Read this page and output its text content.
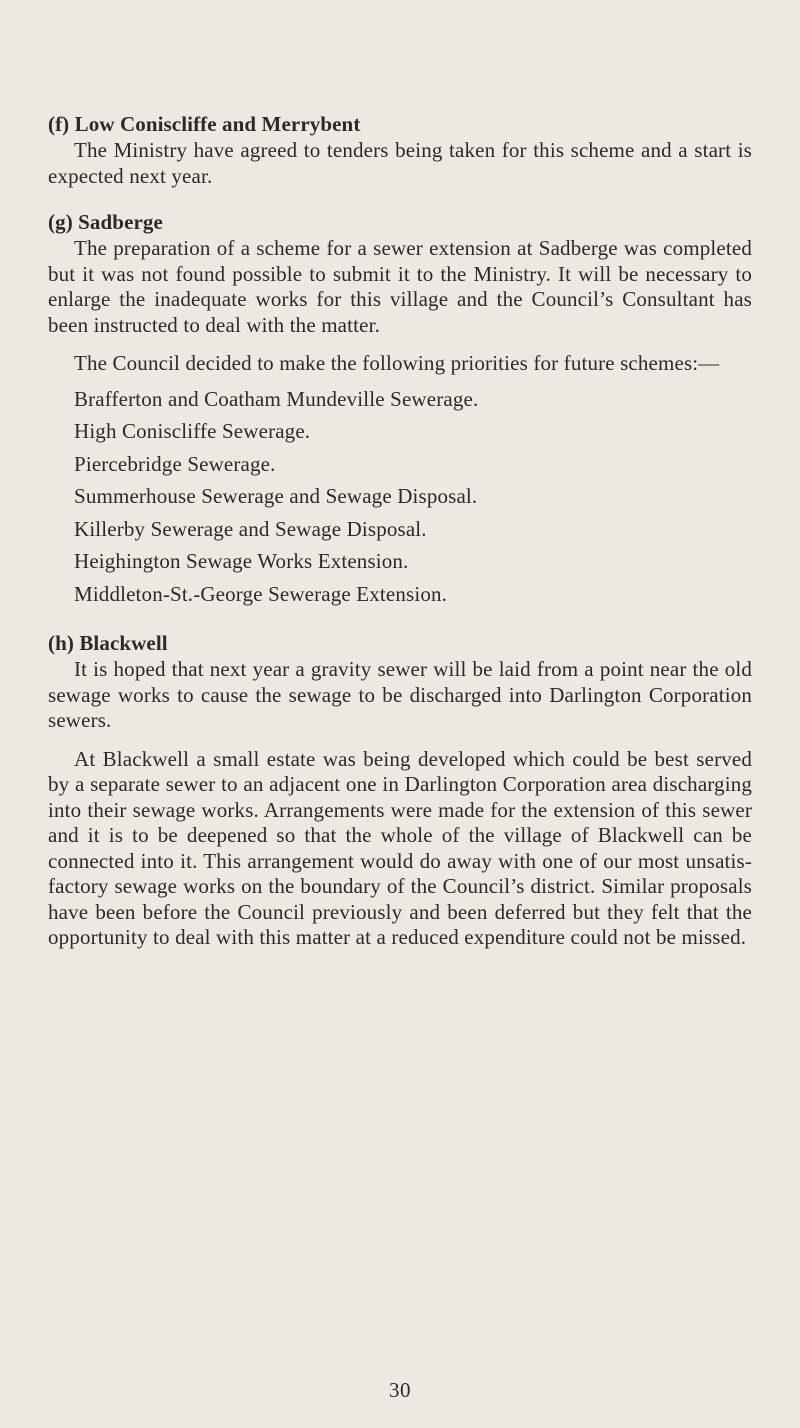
(f) Low Coniscliffe and Merrybent

The Ministry have agreed to tenders being taken for this scheme and a start is expected next year.

(g) Sadberge

The preparation of a scheme for a sewer extension at Sadberge was completed but it was not found possible to submit it to the Ministry. It will be necessary to enlarge the inadequate works for this village and the Council’s Consultant has been instructed to deal with the matter.

The Council decided to make the following priorities for future schemes:—

Brafferton and Coatham Mundeville Sewerage.
High Coniscliffe Sewerage.
Piercebridge Sewerage.
Summerhouse Sewerage and Sewage Disposal.
Killerby Sewerage and Sewage Disposal.
Heighington Sewage Works Extension.
Middleton-St.-George Sewerage Extension.
(h) Blackwell

It is hoped that next year a gravity sewer will be laid from a point near the old sewage works to cause the sewage to be discharged into Darlington Corporation sewers.

At Blackwell a small estate was being developed which could be best served by a separate sewer to an adjacent one in Darlington Corporation area discharging into their sewage works. Arrangements were made for the extension of this sewer and it is to be deepened so that the whole of the village of Blackwell can be connected into it. This arrangement would do away with one of our most unsatis- factory sewage works on the boundary of the Council’s district. Similar proposals have been before the Council previously and been deferred but they felt that the opportunity to deal with this matter at a reduced expenditure could not be missed.

30
